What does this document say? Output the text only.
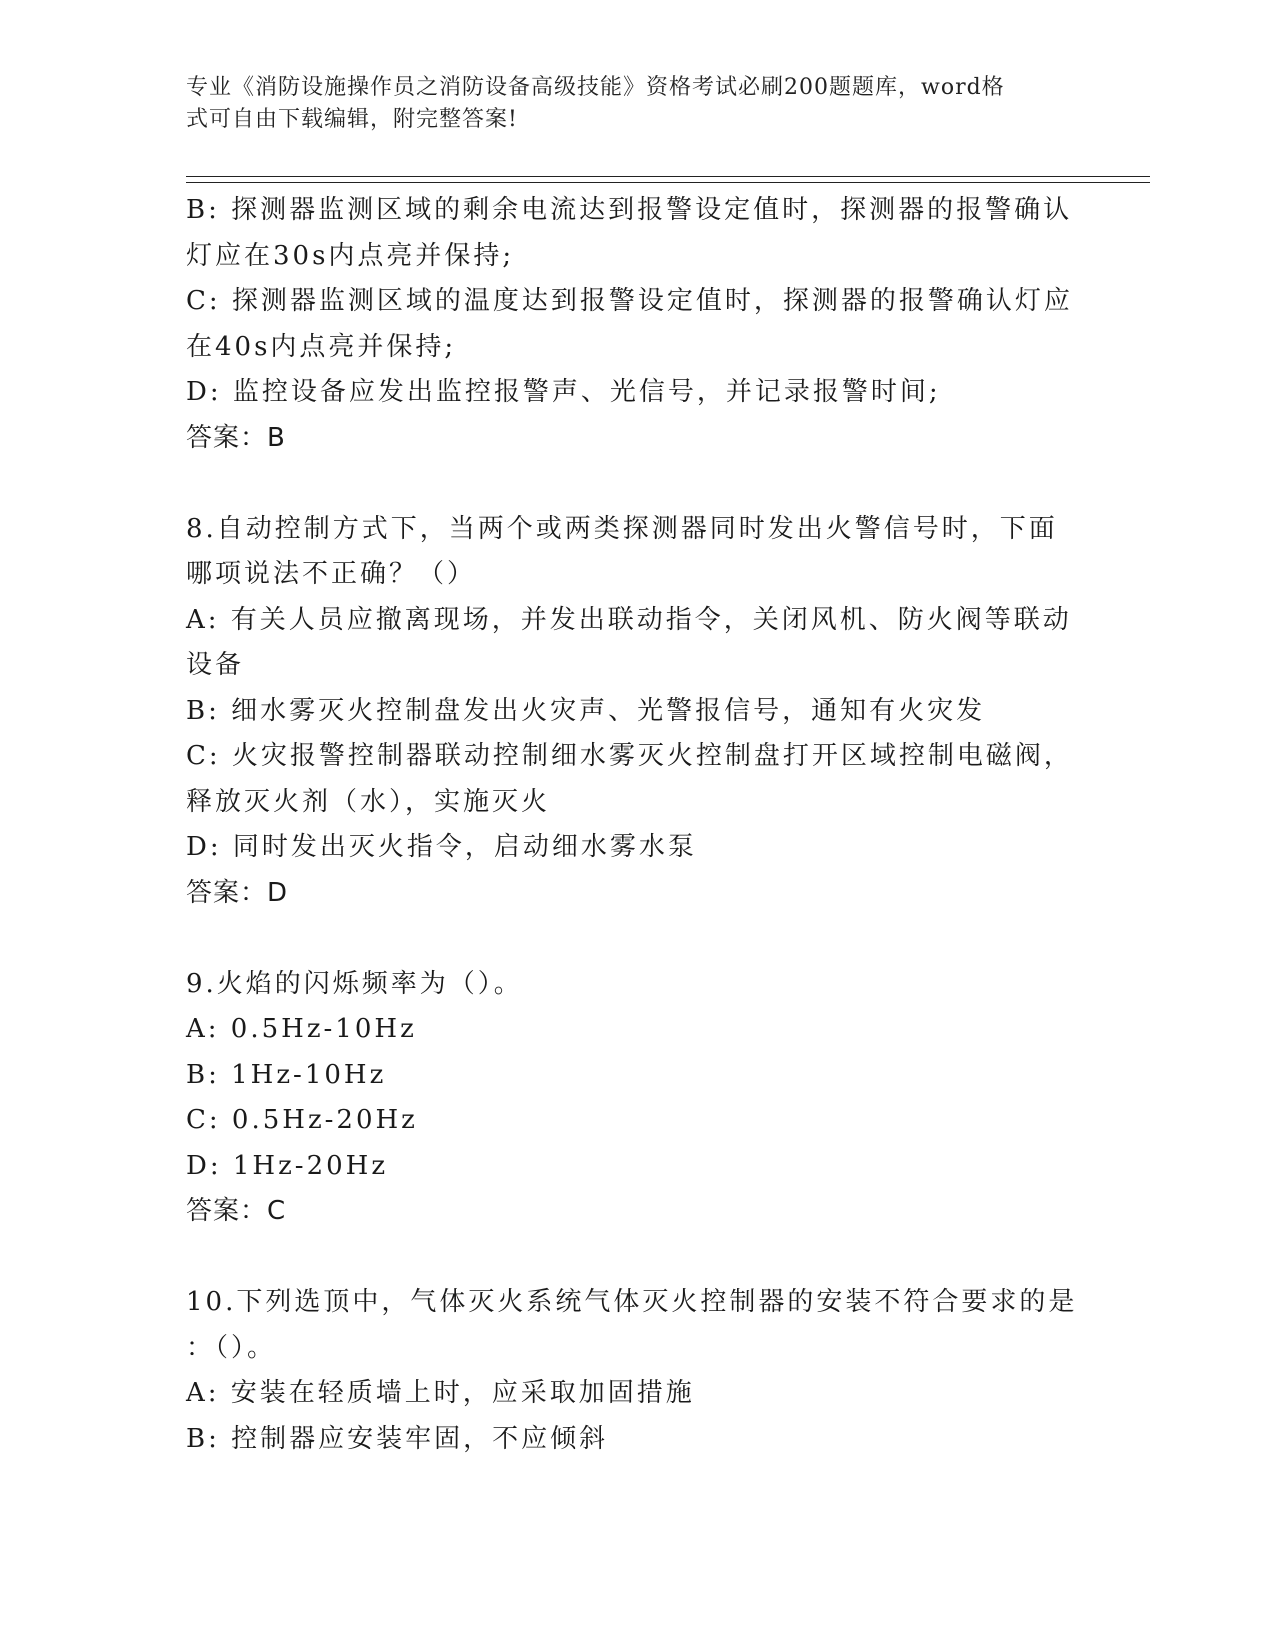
专业《消防设施操作员之消防设备高级技能》资格考试必刷200题题库，word格
式可自由下载编辑，附完整答案!
B: 探测器监测区域的剩余电流达到报警设定值时，探测器的报警确认
灯应在30s内点亮并保持;
C: 探测器监测区域的温度达到报警设定值时，探测器的报警确认灯应
在40s内点亮并保持;
D: 监控设备应发出监控报警声、光信号，并记录报警时间;
答案：B
8.自动控制方式下，当两个或两类探测器同时发出火警信号时，下面
哪项说法不正确？（）
A: 有关人员应撤离现场，并发出联动指令，关闭风机、防火阀等联动
设备
B: 细水雾灭火控制盘发出火灾声、光警报信号，通知有火灾发
C: 火灾报警控制器联动控制细水雾灭火控制盘打开区域控制电磁阀，
释放灭火剂（水），实施灭火
D: 同时发出灭火指令，启动细水雾水泵
答案：D
9.火焰的闪烁频率为（）。
A: 0.5Hz-10Hz
B: 1Hz-10Hz
C: 0.5Hz-20Hz
D: 1Hz-20Hz
答案：C
10.下列选顶中，气体灭火系统气体灭火控制器的安装不符合要求的是
：（）。
A: 安装在轻质墙上时，应采取加固措施
B: 控制器应安装牢固，不应倾斜
